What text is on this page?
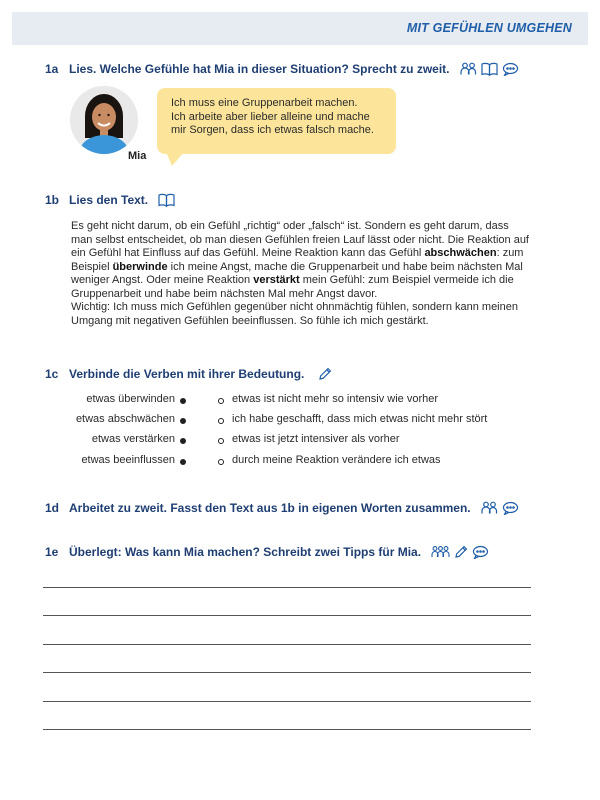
MIT GEFÜHLEN UMGEHEN
1a Lies. Welche Gefühle hat Mia in dieser Situation? Sprecht zu zweit.
Mia
Ich muss eine Gruppenarbeit machen.
Ich arbeite aber lieber alleine und mache
mir Sorgen, dass ich etwas falsch mache.
1b Lies den Text.
Es geht nicht darum, ob ein Gefühl „richtig“ oder „falsch“ ist. Sondern es geht darum, dass man selbst entscheidet, ob man diesen Gefühlen freien Lauf lässt oder nicht. Die Reaktion auf ein Gefühl hat Einfluss auf das Gefühl. Meine Reaktion kann das Gefühl abschwächen: zum Beispiel überwinde ich meine Angst, mache die Gruppenarbeit und habe beim nächsten Mal weniger Angst. Oder meine Reaktion verstärkt mein Gefühl: zum Beispiel vermeide ich die Gruppenarbeit und habe beim nächsten Mal mehr Angst davor.
Wichtig: Ich muss mich Gefühlen gegenüber nicht ohnmächtig fühlen, sondern kann meinen Umgang mit negativen Gefühlen beeinflussen. So fühle ich mich gestärkt.
1c Verbinde die Verben mit ihrer Bedeutung.
etwas überwinden	etwas ist nicht mehr so intensiv wie vorher
etwas abschwächen	ich habe geschafft, dass mich etwas nicht mehr stört
etwas verstärken	etwas ist jetzt intensiver als vorher
etwas beeinflussen	durch meine Reaktion verändere ich etwas
1d Arbeitet zu zweit. Fasst den Text aus 1b in eigenen Worten zusammen.
1e Überlegt: Was kann Mia machen? Schreibt zwei Tipps für Mia.
